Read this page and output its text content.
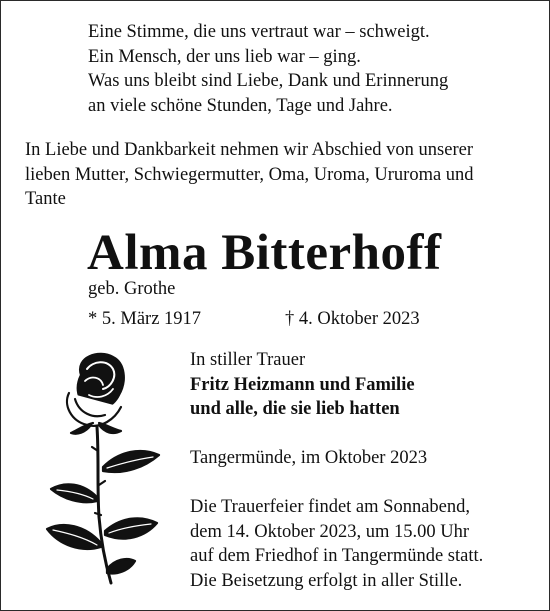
Eine Stimme, die uns vertraut war – schweigt.
Ein Mensch, der uns lieb war – ging.
Was uns bleibt sind Liebe, Dank und Erinnerung
an viele schöne Stunden, Tage und Jahre.
In Liebe und Dankbarkeit nehmen wir Abschied von unserer
lieben Mutter, Schwiegermutter, Oma, Uroma, Ururoma und
Tante
Alma Bitterhoff
geb. Grothe
* 5. März 1917	† 4. Oktober 2023
In stiller Trauer
Fritz Heizmann und Familie
und alle, die sie lieb hatten
Tangermünde, im Oktober 2023
Die Trauerfeier findet am Sonnabend,
dem 14. Oktober 2023, um 15.00 Uhr
auf dem Friedhof in Tangermünde statt.
Die Beisetzung erfolgt in aller Stille.
